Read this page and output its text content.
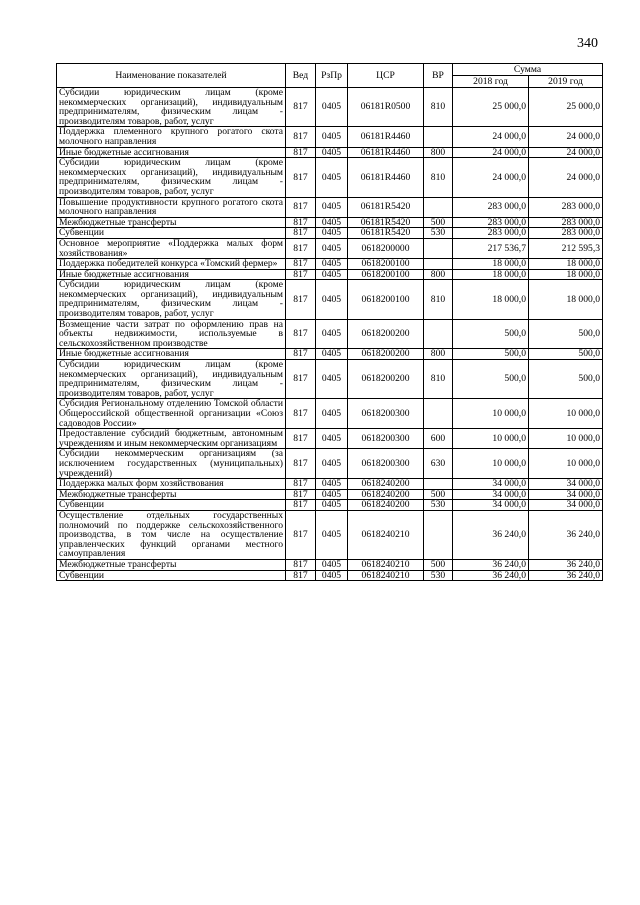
340
Наименование показателей	Вед	РзПр	ЦСР	ВР	Сумма	
					2018 год	2019 год
Субсидии юридическим лицам (кроме некоммерческих организаций), индивидуальным предпринимателям, физическим лицам - производителям товаров, работ, услуг	817	0405	06181R0500	810	25 000,0	25 000,0
Поддержка племенного крупного рогатого скота молочного направления	817	0405	06181R4460		24 000,0	24 000,0
Иные бюджетные ассигнования	817	0405	06181R4460	800	24 000,0	24 000,0
Субсидии юридическим лицам (кроме некоммерческих организаций), индивидуальным предпринимателям, физическим лицам - производителям товаров, работ, услуг	817	0405	06181R4460	810	24 000,0	24 000,0
Повышение продуктивности крупного рогатого скота молочного направления	817	0405	06181R5420		283 000,0	283 000,0
Межбюджетные трансферты	817	0405	06181R5420	500	283 000,0	283 000,0
Субвенции	817	0405	06181R5420	530	283 000,0	283 000,0
Основное мероприятие «Поддержка малых форм хозяйствования»	817	0405	0618200000		217 536,7	212 595,3
Поддержка победителей конкурса «Томский фермер»	817	0405	0618200100		18 000,0	18 000,0
Иные бюджетные ассигнования	817	0405	0618200100	800	18 000,0	18 000,0
Субсидии юридическим лицам (кроме некоммерческих организаций), индивидуальным предпринимателям, физическим лицам - производителям товаров, работ, услуг	817	0405	0618200100	810	18 000,0	18 000,0
Возмещение части затрат по оформлению прав на объекты недвижимости, используемые в сельскохозяйственном производстве	817	0405	0618200200		500,0	500,0
Иные бюджетные ассигнования	817	0405	0618200200	800	500,0	500,0
Субсидии юридическим лицам (кроме некоммерческих организаций), индивидуальным предпринимателям, физическим лицам - производителям товаров, работ, услуг	817	0405	0618200200	810	500,0	500,0
Субсидия Региональному отделению Томской области Общероссийской общественной организации «Союз садоводов России»	817	0405	0618200300		10 000,0	10 000,0
Предоставление субсидий бюджетным, автономным учреждениям и иным некоммерческим организациям	817	0405	0618200300	600	10 000,0	10 000,0
Субсидии некоммерческим организациям (за исключением государственных (муниципальных) учреждений)	817	0405	0618200300	630	10 000,0	10 000,0
Поддержка малых форм хозяйствования	817	0405	0618240200		34 000,0	34 000,0
Межбюджетные трансферты	817	0405	0618240200	500	34 000,0	34 000,0
Субвенции	817	0405	0618240200	530	34 000,0	34 000,0
Осуществление отдельных государственных полномочий по поддержке сельскохозяйственного производства, в том числе на осуществление управленческих функций органами местного самоуправления	817	0405	0618240210		36 240,0	36 240,0
Межбюджетные трансферты	817	0405	0618240210	500	36 240,0	36 240,0
Субвенции	817	0405	0618240210	530	36 240,0	36 240,0
